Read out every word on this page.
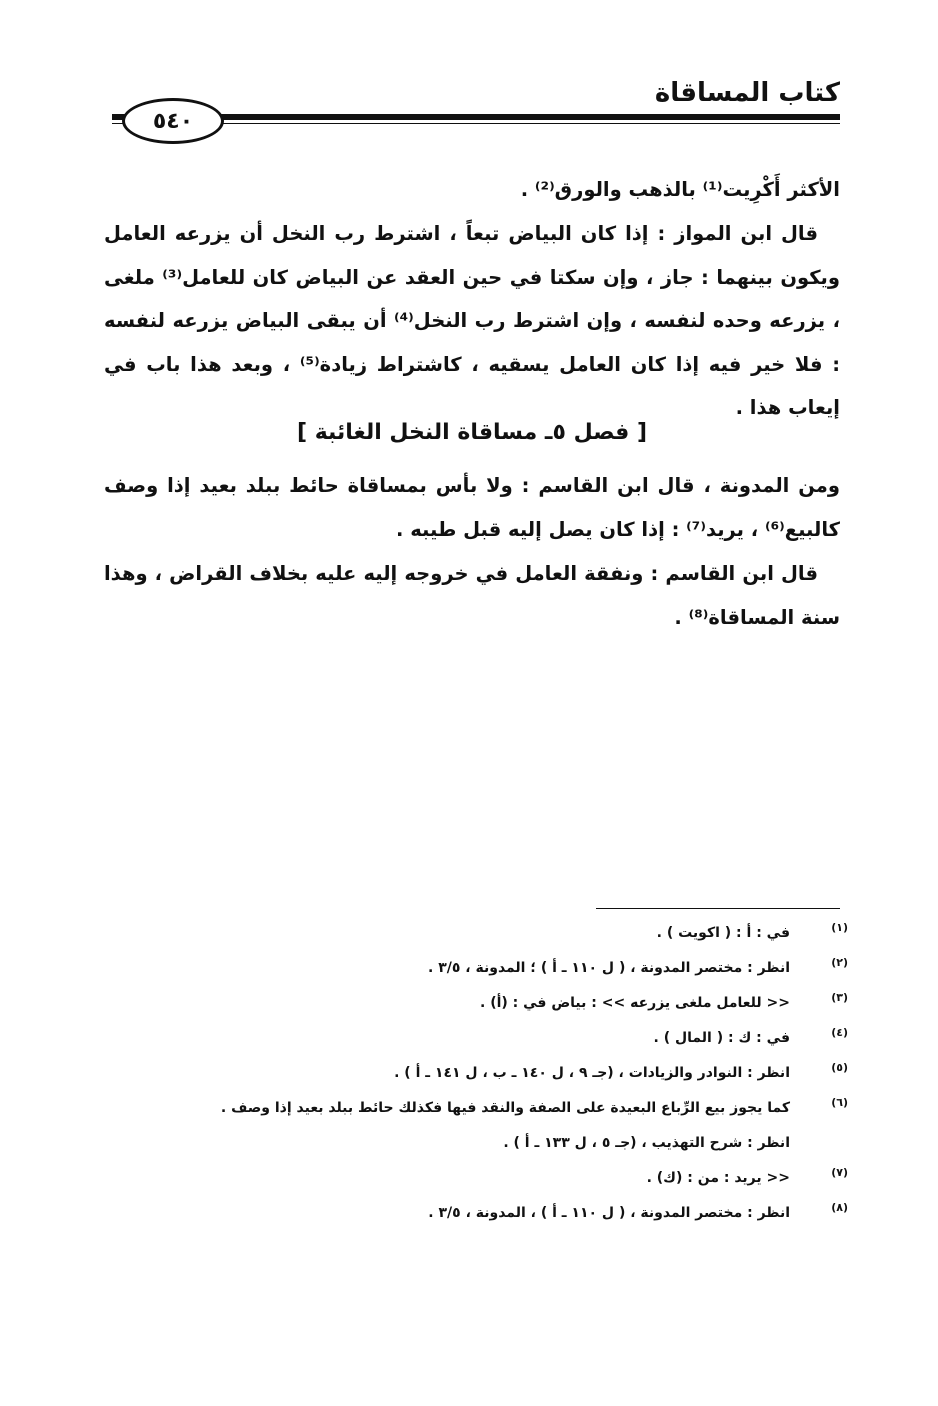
كتاب المساقاة
٥٤٠
الأكثر أَكْرِيت⁽¹⁾ بالذهب والورق⁽²⁾ .
قال ابن المواز : إذا كان البياض تبعاً ، اشترط رب النخل أن يزرعه العامل ويكون بينهما : جاز ، وإن سكتا في حين العقد عن البياض كان للعامل⁽³⁾ ملغى ، يزرعه وحده لنفسه ، وإن اشترط رب النخل⁽⁴⁾ أن يبقى البياض يزرعه لنفسه : فلا خير فيه إذا كان العامل يسقيه ، كاشتراط زيادة⁽⁵⁾ ، وبعد هذا باب في إيعاب هذا .
[ فصل ٥ـ مساقاة النخل الغائبة ]
ومن المدونة ، قال ابن القاسم : ولا بأس بمساقاة حائط ببلد بعيد إذا وصف كالبيع⁽⁶⁾ ، يريد⁽⁷⁾ : إذا كان يصل إليه قبل طيبه .
قال ابن القاسم : ونفقة العامل في خروجه إليه عليه بخلاف القراض ، وهذا سنة المساقاة⁽⁸⁾ .
(١)
في : أ : ( اكويت ) .
(٢)
انظر : مختصر المدونة ، ( ل ١١٠ ـ أ ) ؛ المدونة ، ٣/٥ .
(٣)
<< للعامل ملغى يزرعه >> : بياض في : (أ) .
(٤)
في : ك : ( المال ) .
(٥)
انظر : النوادر والزيادات ، (جـ ٩ ، ل ١٤٠ ـ ب ، ل ١٤١ ـ أ ) .
(٦)
كما يجوز بيع الرِّباع البعيدة على الصفة والنقد فيها فكذلك حائط ببلد بعيد إذا وصف .
انظر : شرح التهذيب ، (جـ ٥ ، ل ١٣٣ ـ أ ) .
(٧)
<< يريد : من : (ك) .
(٨)
انظر : مختصر المدونة ، ( ل ١١٠ ـ أ ) ، المدونة ، ٣/٥ .
